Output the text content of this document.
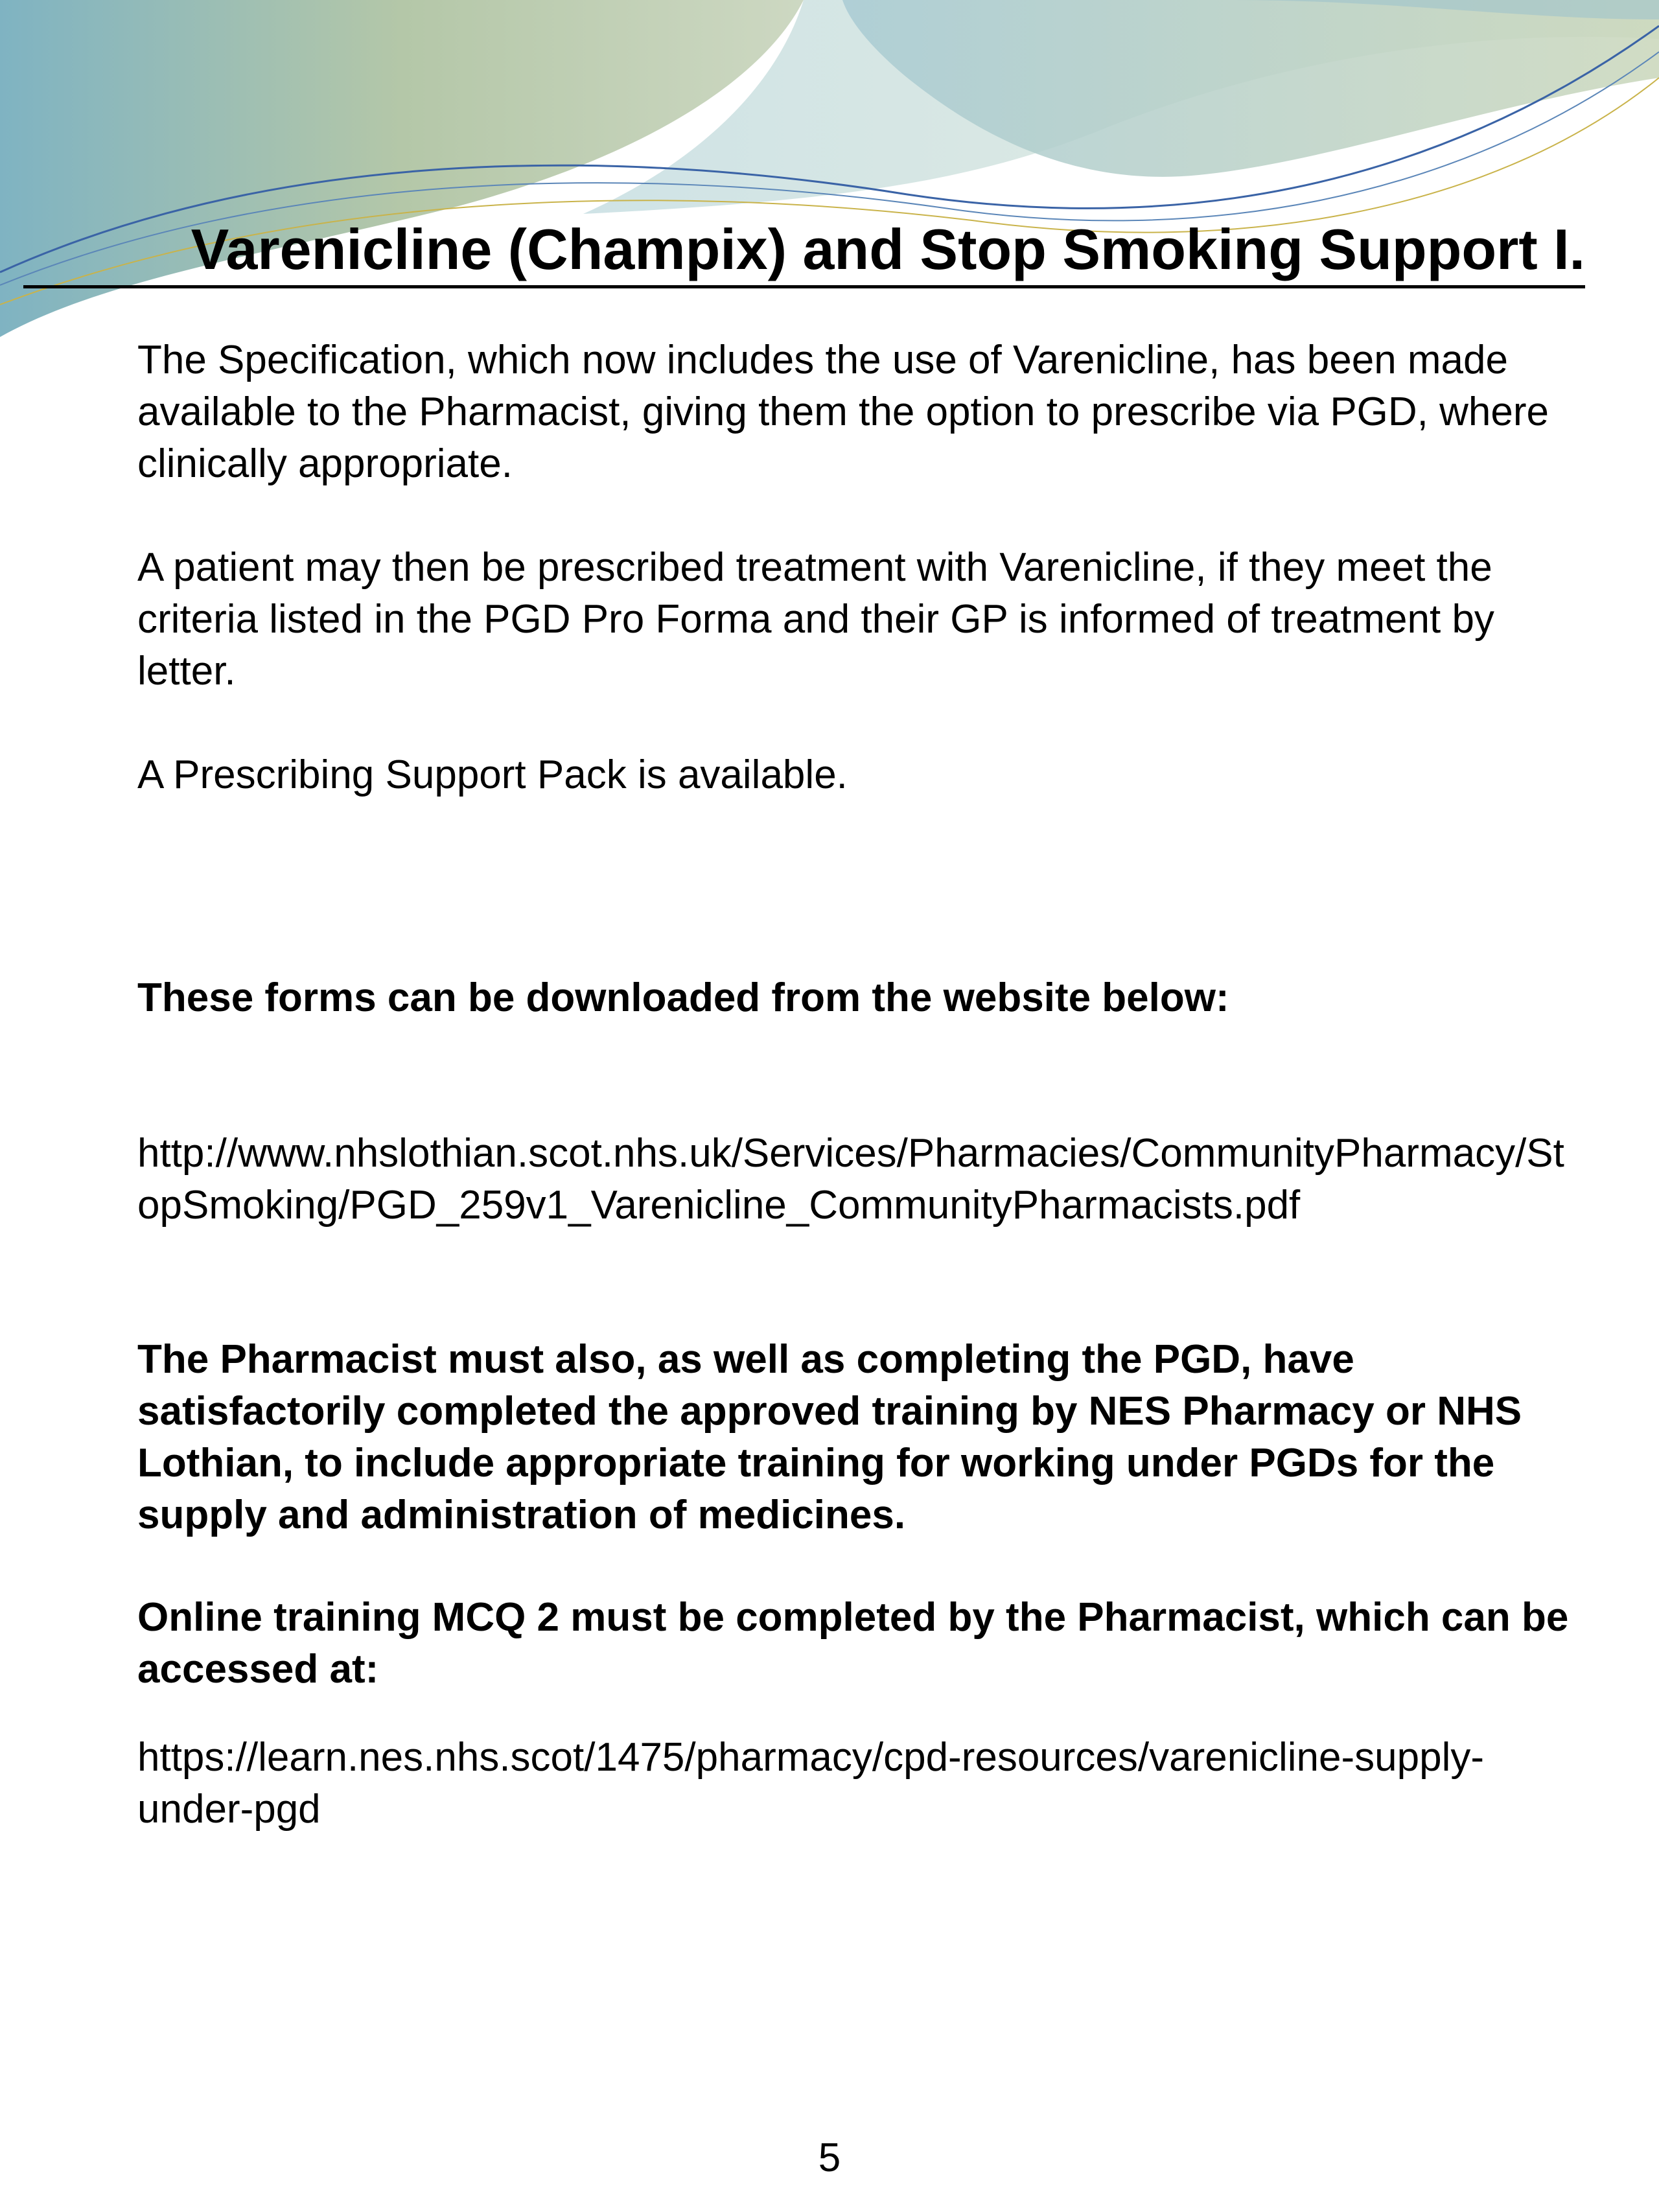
Varenicline (Champix) and Stop Smoking Support I.

The Specification, which now includes the use of Varenicline, has been made available to the Pharmacist, giving them the option to prescribe via PGD, where clinically appropriate.

A patient may then be prescribed treatment with Varenicline, if they meet the criteria listed in the PGD Pro Forma and their GP is informed of treatment by letter.

A Prescribing Support Pack is available.

These forms can be downloaded from the website below:

http://www.nhslothian.scot.nhs.uk/Services/Pharmacies/CommunityPharmacy/StopSmoking/PGD_259v1_Varenicline_CommunityPharmacists.pdf

The Pharmacist must also, as well as completing the PGD, have satisfactorily completed the approved training by NES Pharmacy or NHS Lothian, to include appropriate training for working under PGDs for the supply and administration of medicines.

Online training MCQ 2 must be completed by the Pharmacist, which can be accessed at:

https://learn.nes.nhs.scot/1475/pharmacy/cpd-resources/varenicline-supply-under-pgd

5
